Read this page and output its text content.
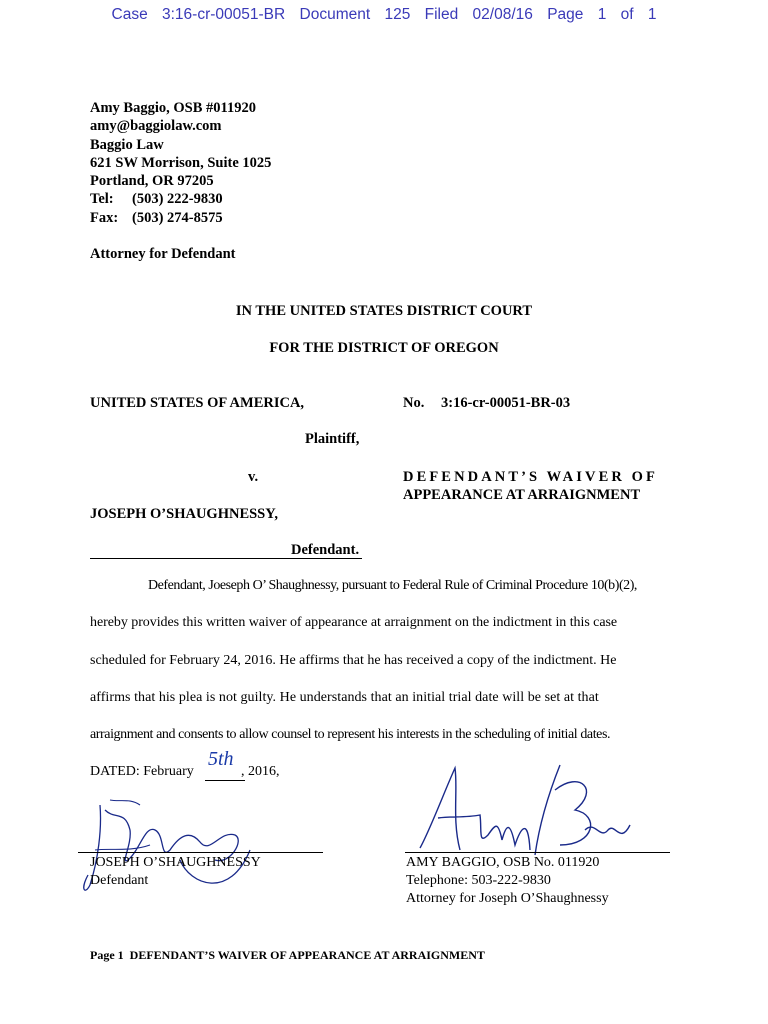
Case 3:16-cr-00051-BR Document 125 Filed 02/08/16 Page 1 of 1
Amy Baggio, OSB #011920
amy@baggiolaw.com
Baggio Law
621 SW Morrison, Suite 1025
Portland, OR 97205
Tel: (503) 222-9830
Fax: (503) 274-8575
Attorney for Defendant
IN THE UNITED STATES DISTRICT COURT
FOR THE DISTRICT OF OREGON
UNITED STATES OF AMERICA,	No. 3:16-cr-00051-BR-03
Plaintiff,
v.	DEFENDANT’S WAIVER OF
APPEARANCE AT ARRAIGNMENT
JOSEPH O’SHAUGHNESSY,
Defendant.
Defendant, Joeseph O’ Shaughnessy, pursuant to Federal Rule of Criminal Procedure 10(b)(2),
hereby provides this written waiver of appearance at arraignment on the indictment in this case
scheduled for February 24, 2016. He affirms that he has received a copy of the indictment. He
affirms that his plea is not guilty. He understands that an initial trial date will be set at that
arraignment and consents to allow counsel to represent his interests in the scheduling of initial dates.
DATED: February
5th
, 2016,
JOSEPH O’SHAUGHNESSY
Defendant
AMY BAGGIO, OSB No. 011920
Telephone: 503-222-9830
Attorney for Joseph O’Shaughnessy
Page 1 DEFENDANT’S WAIVER OF APPEARANCE AT ARRAIGNMENT
